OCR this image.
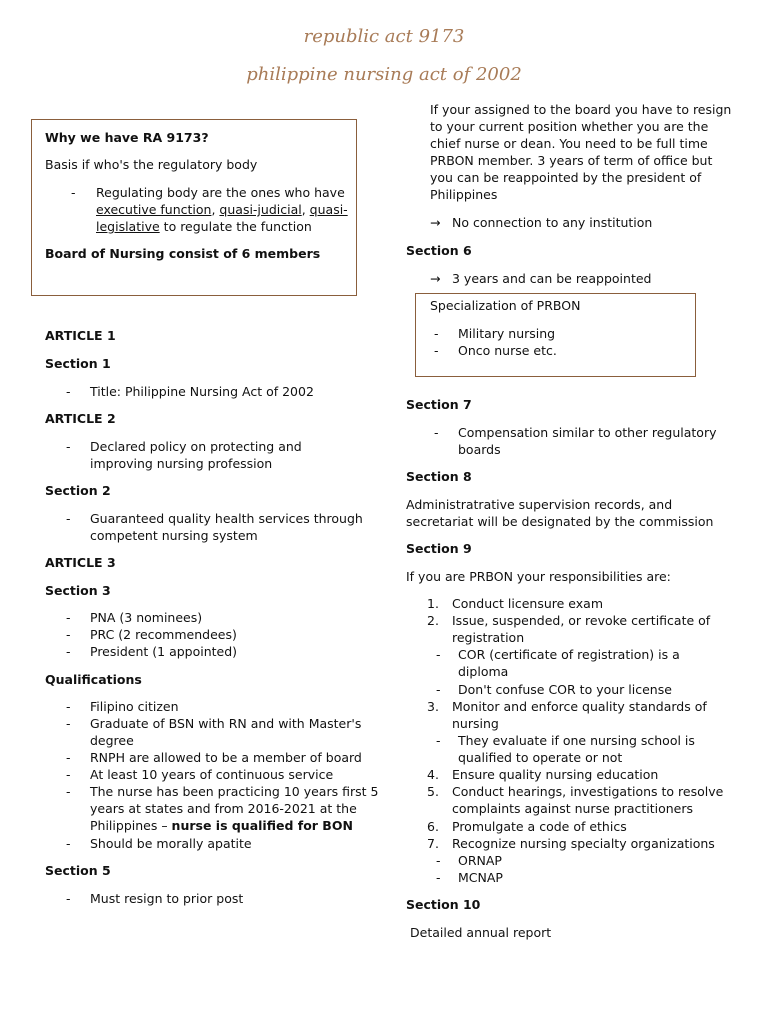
republic act 9173
philippine nursing act of 2002
Why we have RA 9173?
Basis if who's the regulatory body
- Regulating body are the ones who have
executive function, quasi-judicial, quasi-
legislative to regulate the function
Board of Nursing consist of 6 members
ARTICLE 1
Section 1
- Title: Philippine Nursing Act of 2002
ARTICLE 2
- Declared policy on protecting and
improving nursing profession
Section 2
- Guaranteed quality health services through
competent nursing system
ARTICLE 3
Section 3
- PNA (3 nominees)
- PRC (2 recommendees)
- President (1 appointed)
Qualifications
- Filipino citizen
- Graduate of BSN with RN and with Master's
degree
- RNPH are allowed to be a member of board
- At least 10 years of continuous service
- The nurse has been practicing 10 years first 5
years at states and from 2016-2021 at the
Philippines – nurse is qualified for BON
- Should be morally apatite
Section 5
- Must resign to prior post
If your assigned to the board you have to resign
to your current position whether you are the
chief nurse or dean. You need to be full time
PRBON member. 3 years of term of office but
you can be reappointed by the president of
Philippines
→ No connection to any institution
Section 6
→ 3 years and can be reappointed
Specialization of PRBON
- Military nursing
- Onco nurse etc.
Section 7
- Compensation similar to other regulatory
boards
Section 8
Administratrative supervision records, and
secretariat will be designated by the commission
Section 9
If you are PRBON your responsibilities are:
1. Conduct licensure exam
2. Issue, suspended, or revoke certificate of
registration
- COR (certificate of registration) is a
diploma
- Don't confuse COR to your license
3. Monitor and enforce quality standards of
nursing
- They evaluate if one nursing school is
qualified to operate or not
4. Ensure quality nursing education
5. Conduct hearings, investigations to resolve
complaints against nurse practitioners
6. Promulgate a code of ethics
7. Recognize nursing specialty organizations
- ORNAP
- MCNAP
Section 10
Detailed annual report
